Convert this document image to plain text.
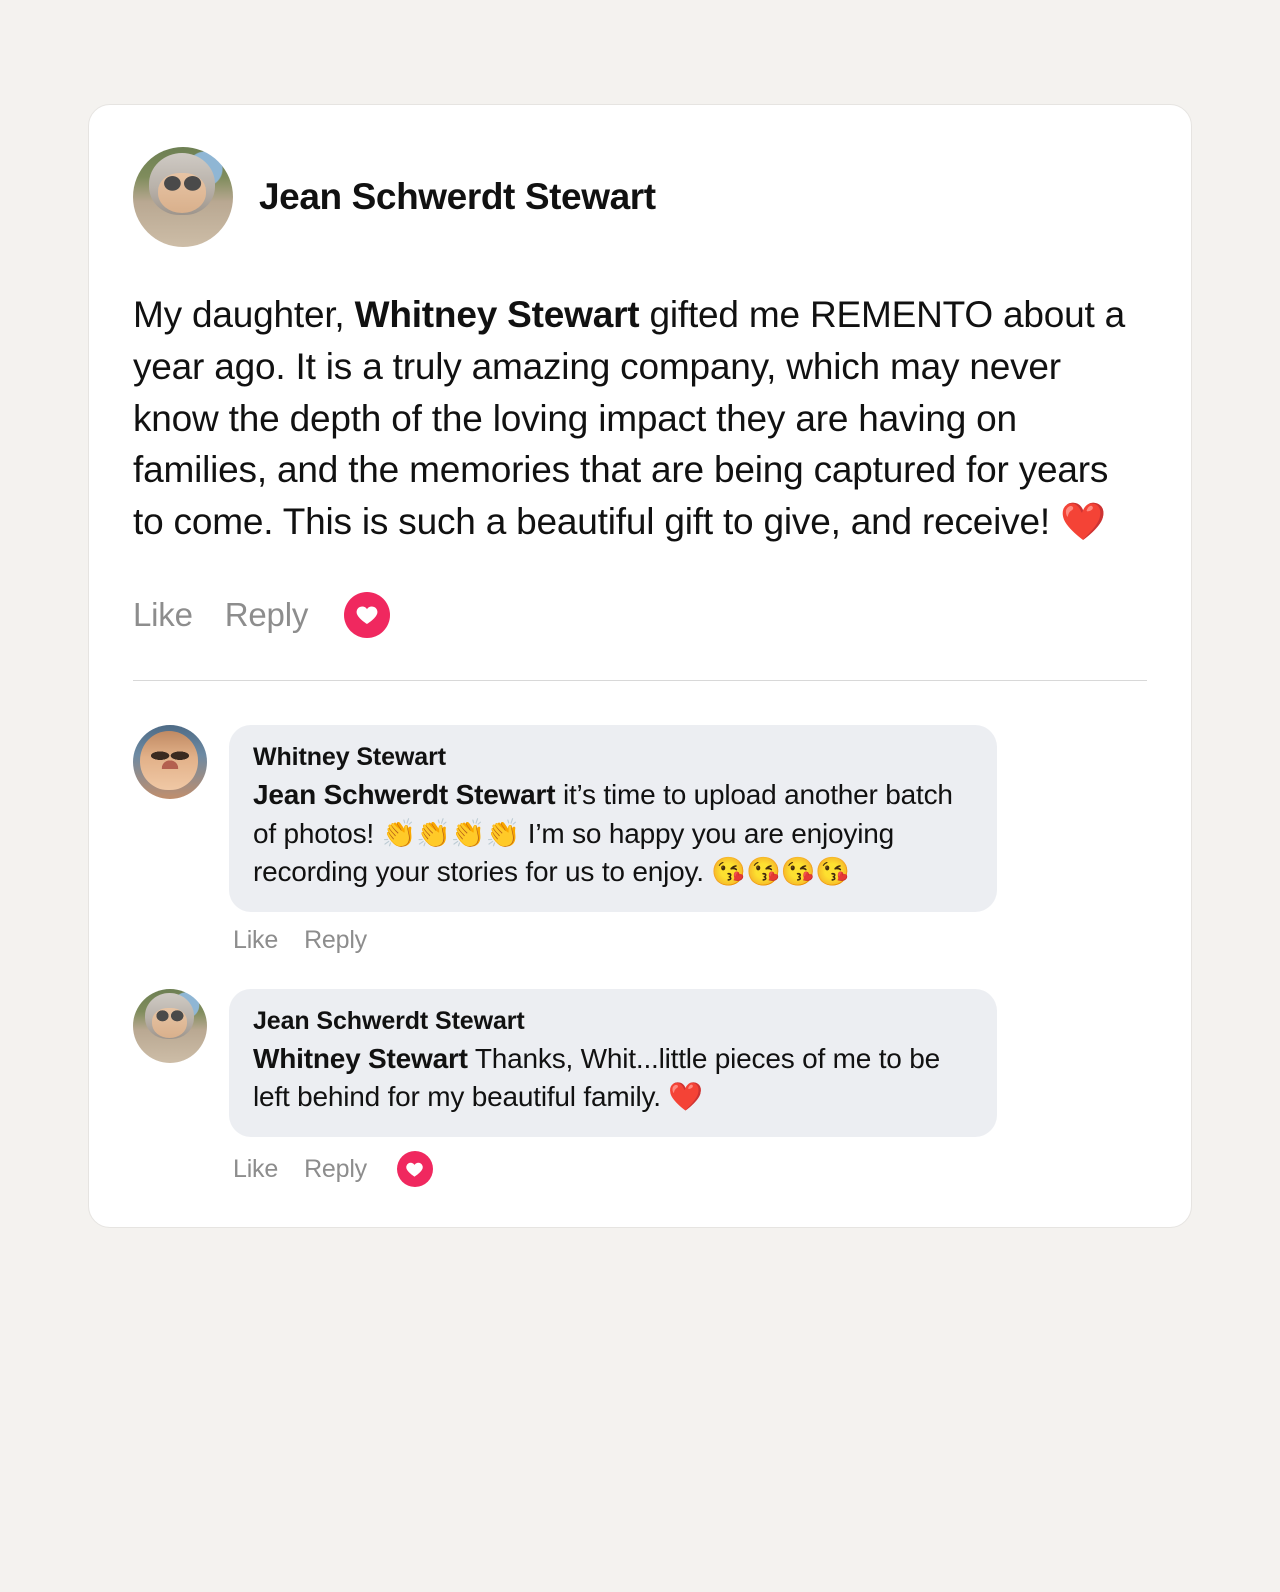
Jean Schwerdt Stewart
My daughter, Whitney Stewart gifted me REMENTO about a year ago. It is a truly amazing company, which may never know the depth of the loving impact they are having on families, and the memories that are being captured for years to come. This is such a beautiful gift to give, and receive! ❤️
Like Reply
Whitney Stewart
Jean Schwerdt Stewart it’s time to upload another batch of photos! 👏👏👏👏 I’m so happy you are enjoying recording your stories for us to enjoy. 😘😘😘😘
Like Reply
Jean Schwerdt Stewart
Whitney Stewart Thanks, Whit...little pieces of me to be left behind for my beautiful family. ❤️
Like Reply
